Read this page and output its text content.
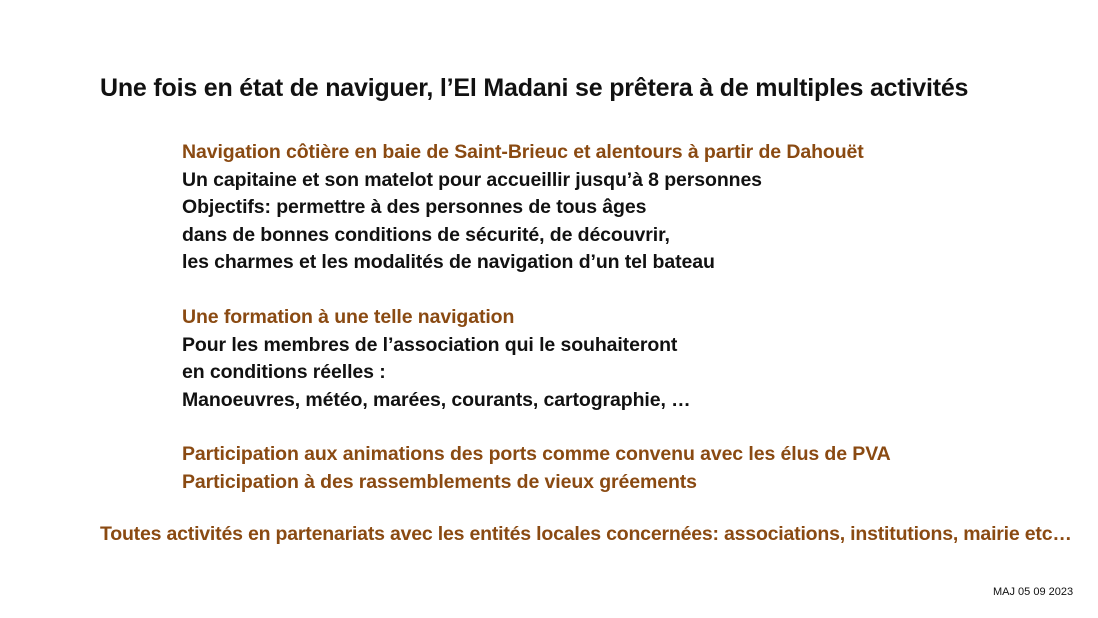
Une fois en état de naviguer, l’El Madani se prêtera à de multiples activités
Navigation côtière en baie de Saint-Brieuc et alentours à partir de Dahouët
Un capitaine et son matelot pour accueillir jusqu’à 8 personnes
Objectifs: permettre à des personnes de tous âges
dans de bonnes conditions de sécurité, de découvrir,
les charmes et les modalités de navigation d’un tel bateau
Une formation à une telle navigation
Pour les membres de l’association qui le souhaiteront
en conditions réelles :
Manoeuvres, météo, marées, courants, cartographie, …
Participation aux animations des ports comme convenu avec les élus de PVA
Participation à des rassemblements de vieux gréements
Toutes activités en partenariats avec les entités locales concernées: associations, institutions, mairie etc…
MAJ 05 09 2023
